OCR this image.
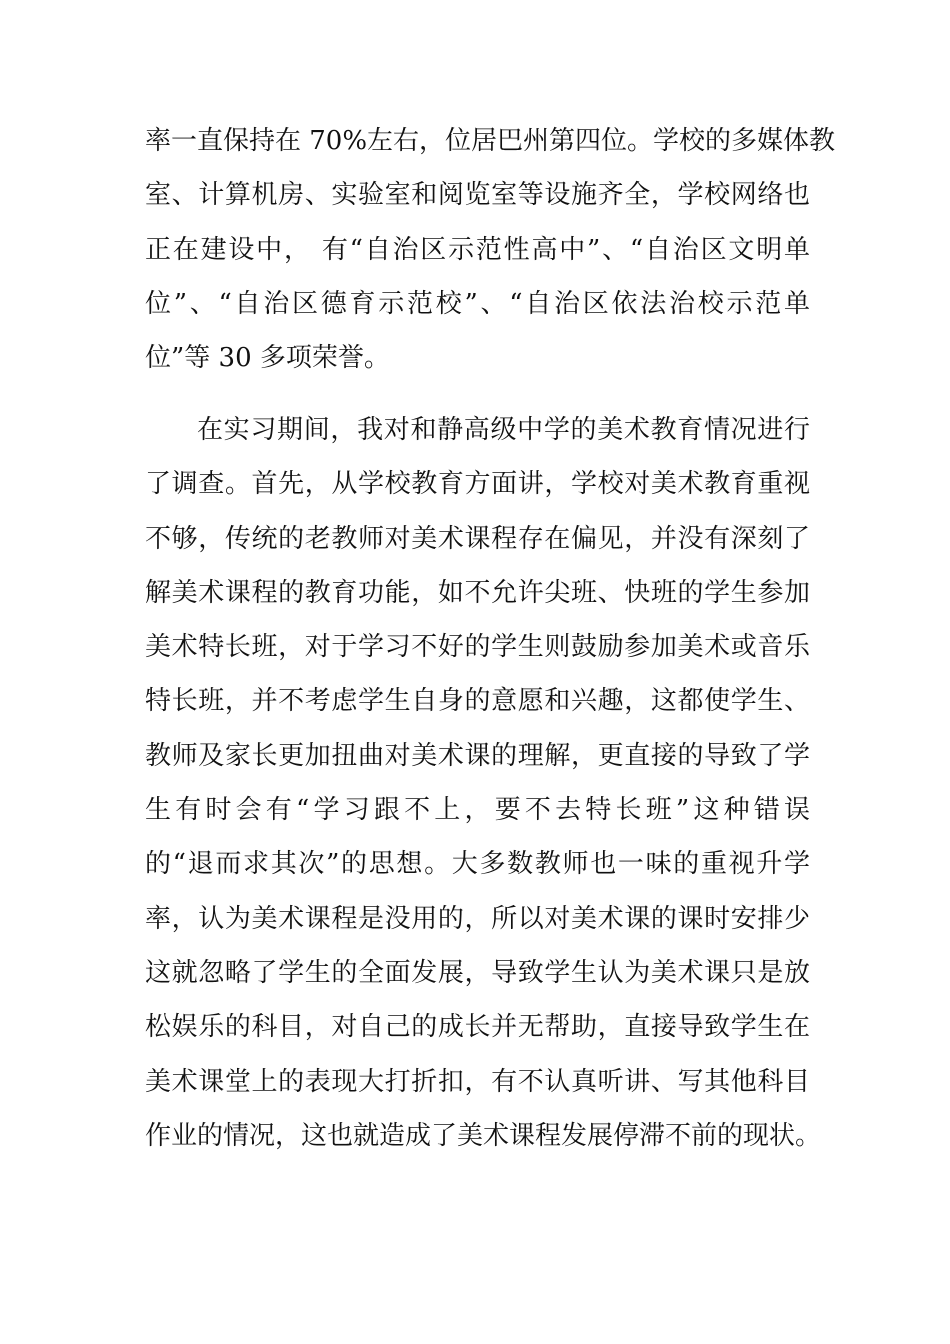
率一直保持在 70%左右，位居巴州第四位。学校的多媒体教
室、计算机房、实验室和阅览室等设施齐全，学校网络也
正在建设中， 有“自治区示范性高中”、“自治区文明单
位”、“自治区德育示范校”、“自治区依法治校示范单
位”等 30 多项荣誉。
在实习期间，我对和静高级中学的美术教育情况进行
了调查。首先，从学校教育方面讲，学校对美术教育重视
不够，传统的老教师对美术课程存在偏见，并没有深刻了
解美术课程的教育功能，如不允许尖班、快班的学生参加
美术特长班，对于学习不好的学生则鼓励参加美术或音乐
特长班，并不考虑学生自身的意愿和兴趣，这都使学生、
教师及家长更加扭曲对美术课的理解，更直接的导致了学
生有时会有“学习跟不上，要不去特长班”这种错误
的“退而求其次”的思想。大多数教师也一味的重视升学
率，认为美术课程是没用的，所以对美术课的课时安排少
这就忽略了学生的全面发展，导致学生认为美术课只是放
松娱乐的科目，对自己的成长并无帮助，直接导致学生在
美术课堂上的表现大打折扣，有不认真听讲、写其他科目
作业的情况，这也就造成了美术课程发展停滞不前的现状。
